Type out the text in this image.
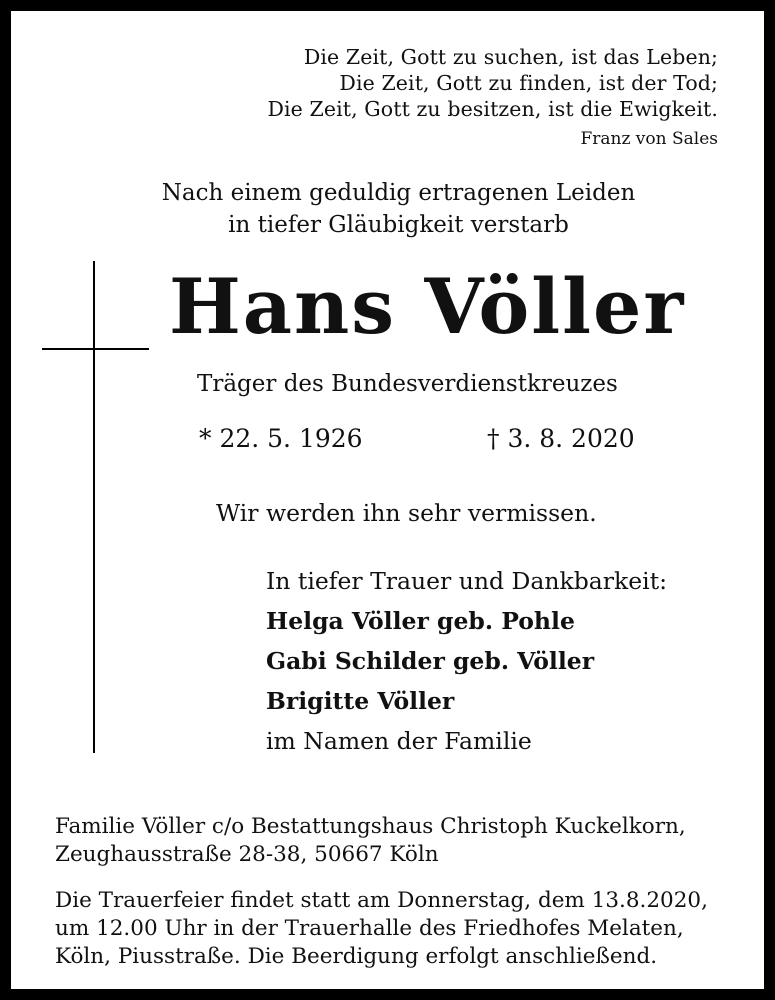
Die Zeit, Gott zu suchen, ist das Leben;
Die Zeit, Gott zu finden, ist der Tod;
Die Zeit, Gott zu besitzen, ist die Ewigkeit.
Franz von Sales
Nach einem geduldig ertragenen Leiden
in tiefer Gläubigkeit verstarb
Hans Völler
Träger des Bundesverdienstkreuzes
* 22. 5. 1926	† 3. 8. 2020
Wir werden ihn sehr vermissen.
In tiefer Trauer und Dankbarkeit:
Helga Völler geb. Pohle
Gabi Schilder geb. Völler
Brigitte Völler
im Namen der Familie
Familie Völler c/o Bestattungshaus Christoph Kuckelkorn,
Zeughausstraße 28-38, 50667 Köln
Die Trauerfeier findet statt am Donnerstag, dem 13.8.2020,
um 12.00 Uhr in der Trauerhalle des Friedhofes Melaten,
Köln, Piusstraße. Die Beerdigung erfolgt anschließend.
